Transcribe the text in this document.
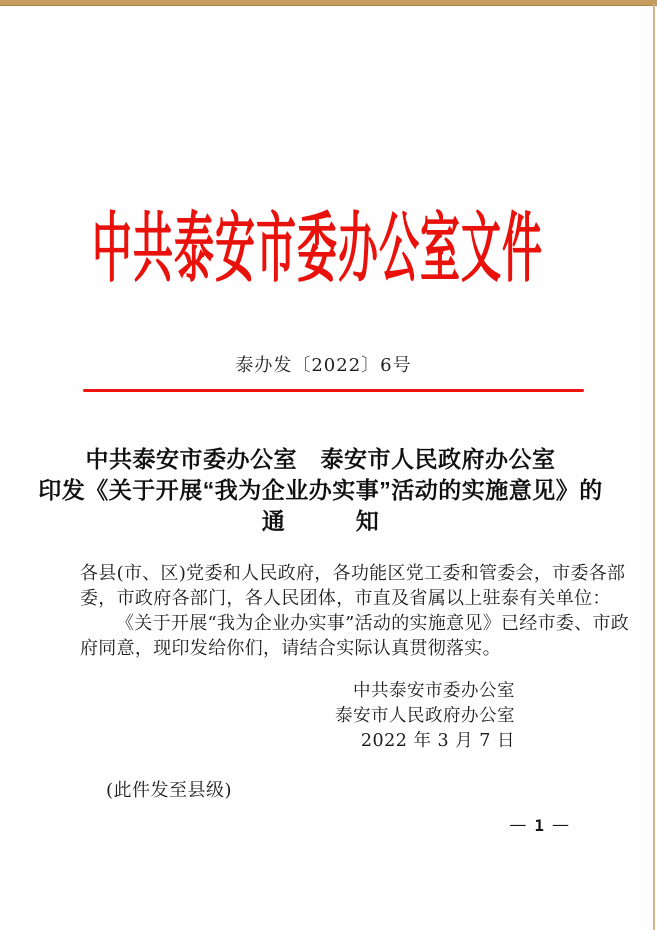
中共泰安市委办公室文件
泰办发〔2022〕6号
中共泰安市委办公室　泰安市人民政府办公室
印发《关于开展“我为企业办实事”活动的实施意见》的
通　　　知
各县(市、区)党委和人民政府，各功能区党工委和管委会，市委各部
委，市政府各部门，各人民团体，市直及省属以上驻泰有关单位：
《关于开展“我为企业办实事”活动的实施意见》已经市委、市政
府同意，现印发给你们，请结合实际认真贯彻落实。
中共泰安市委办公室
泰安市人民政府办公室
2022 年 3 月 7 日
(此件发至县级)
— 1 —
